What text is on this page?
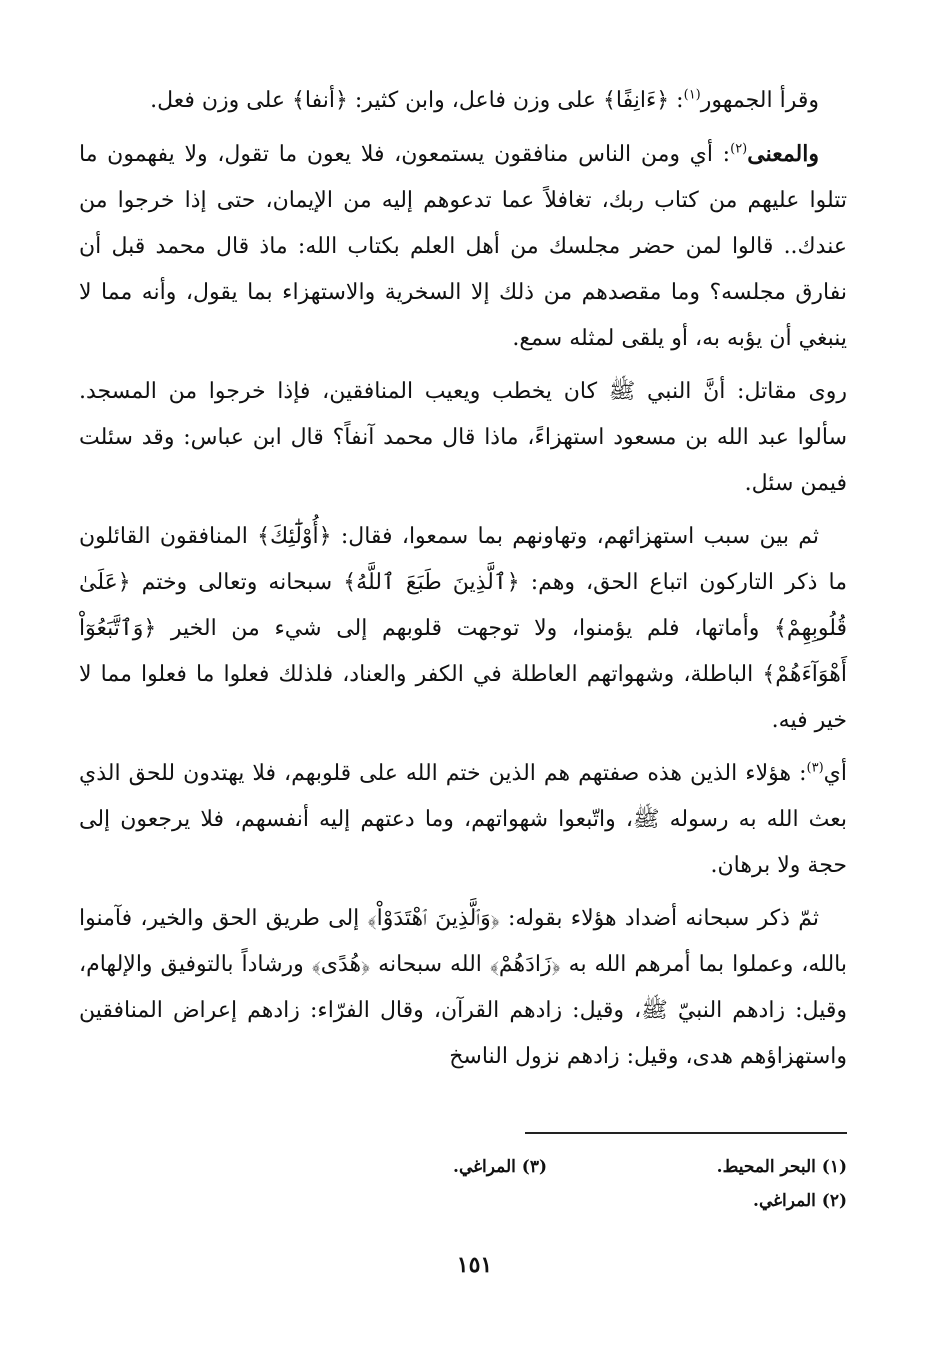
وقرأ الجمهور$^{(١)}$: ﴿ءَانِفًا﴾ على وزن فاعل، وابن كثير: ﴿أنفا﴾ على وزن فعل.

والمعنى$^{(٢)}$: أي ومن الناس منافقون يستمعون، فلا يعون ما تقول، ولا يفهمون ما تتلوا عليهم من كتاب ربك، تغافلاً عما تدعوهم إليه من الإيمان، حتى إذا خرجوا من عندك.. قالوا لمن حضر مجلسك من أهل العلم بكتاب الله: ماذ قال محمد قبل أن نفارق مجلسه؟ وما مقصدهم من ذلك إلا السخرية والاستهزاء بما يقول، وأنه مما لا ينبغي أن يؤبه به، أو يلقى لمثله سمع.

روى مقاتل: أنَّ النبي ﷺ كان يخطب ويعيب المنافقين، فإذا خرجوا من المسجد. سألوا عبد الله بن مسعود استهزاءً، ماذا قال محمد آنفاً؟ قال ابن عباس: وقد سئلت فيمن سئل.

ثم بين سبب استهزائهم، وتهاونهم بما سمعوا، فقال: ﴿أُوْلَٰٓئِكَ﴾ المنافقون القائلون ما ذكر التاركون اتباع الحق، وهم: ﴿ٱلَّذِينَ طَبَعَ ٱللَّهُ﴾ سبحانه وتعالى وختم ﴿عَلَىٰ قُلُوبِهِمْ﴾ وأماتها، فلم يؤمنوا، ولا توجهت قلوبهم إلى شيء من الخير ﴿وَٱتَّبَعُوٓاْ أَهْوَآءَهُمْ﴾ الباطلة، وشهواتهم العاطلة في الكفر والعناد، فلذلك فعلوا ما فعلوا مما لا خير فيه.

أي$^{(٣)}$: هؤلاء الذين هذه صفتهم هم الذين ختم الله على قلوبهم، فلا يهتدون للحق الذي بعث الله به رسوله ﷺ، واتّبعوا شهواتهم، وما دعتهم إليه أنفسهم، فلا يرجعون إلى حجة ولا برهان.

ثمّ ذكر سبحانه أضداد هؤلاء بقوله: ﴿وَٱلَّذِينَ ٱهْتَدَوْاْ﴾ إلى طريق الحق والخير، فآمنوا بالله، وعملوا بما أمرهم الله به ﴿زَادَهُمْ﴾ الله سبحانه ﴿هُدًى﴾ ورشاداً بالتوفيق والإلهام، وقيل: زادهم النبيّ ﷺ، وقيل: زادهم القرآن، وقال الفرّاء: زادهم إعراض المنافقين واستهزاؤهم هدى، وقيل: زادهم نزول الناسخ

(١) البحر المحيط.
(٣) المراغي.
(٢) المراغي.
١٥١
